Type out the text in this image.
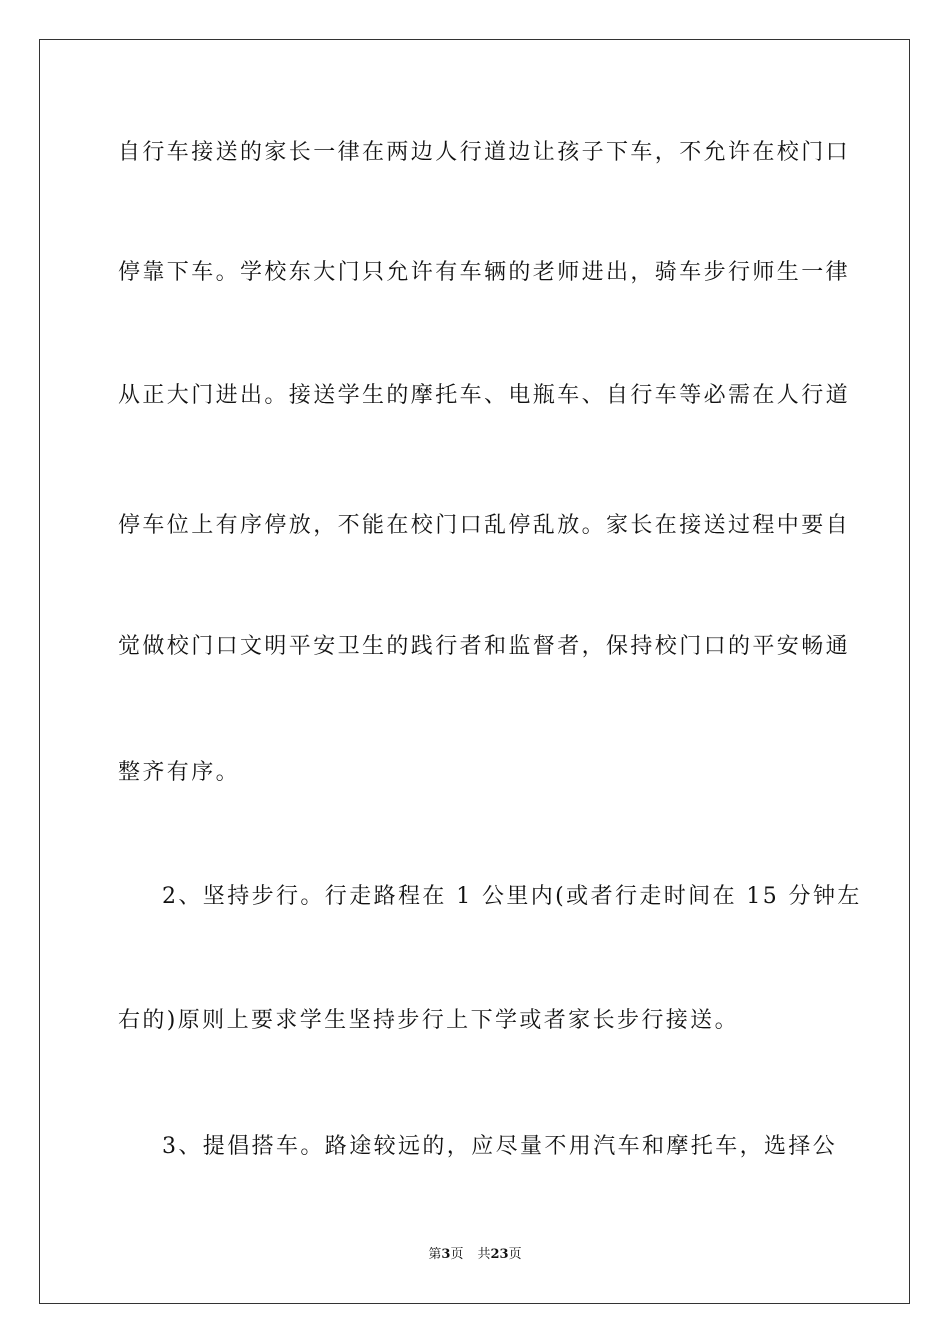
自行车接送的家长一律在两边人行道边让孩子下车，不允许在校门口
停靠下车。学校东大门只允许有车辆的老师进出，骑车步行师生一律
从正大门进出。接送学生的摩托车、电瓶车、自行车等必需在人行道
停车位上有序停放，不能在校门口乱停乱放。家长在接送过程中要自
觉做校门口文明平安卫生的践行者和监督者，保持校门口的平安畅通
整齐有序。
2、坚持步行。行走路程在 1 公里内(或者行走时间在 15 分钟左
右的)原则上要求学生坚持步行上下学或者家长步行接送。
3、提倡搭车。路途较远的，应尽量不用汽车和摩托车，选择公
第3页 共23页
